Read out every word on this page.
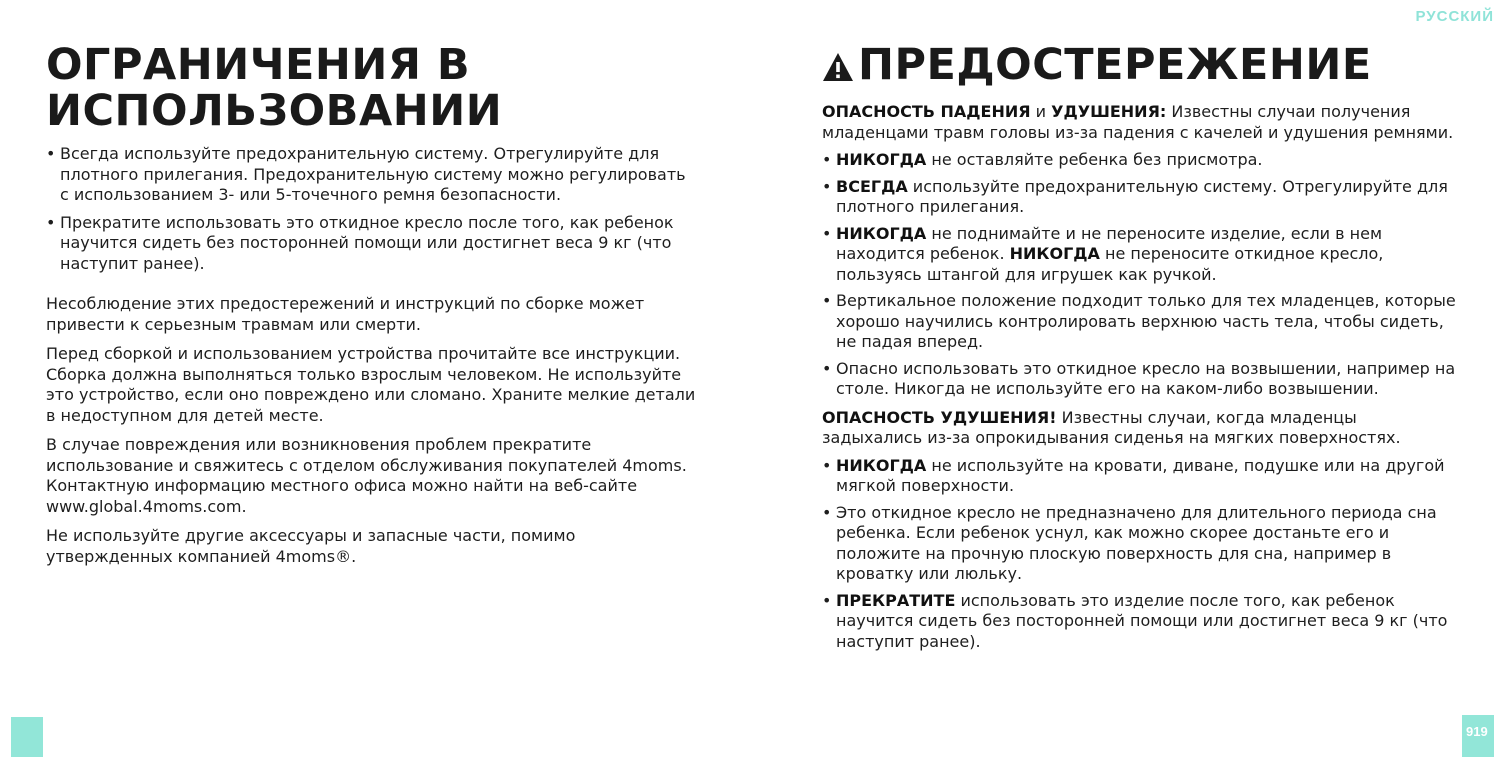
РУССКИЙ
ОГРАНИЧЕНИЯ В ИСПОЛЬЗОВАНИИ
• Всегда используйте предохранительную систему. Отрегулируйте для плотного прилегания. Предохранительную систему можно регулировать с использованием 3- или 5-точечного ремня безопасности.
• Прекратите использовать это откидное кресло после того, как ребенок научится сидеть без посторонней помощи или достигнет веса 9 кг (что наступит ранее).

Несоблюдение этих предостережений и инструкций по сборке может привести к серьезным травмам или смерти.

Перед сборкой и использованием устройства прочитайте все инструкции. Сборка должна выполняться только взрослым человеком. Не используйте это устройство, если оно повреждено или сломано. Храните мелкие детали в недоступном для детей месте.

В случае повреждения или возникновения проблем прекратите использование и свяжитесь с отделом обслуживания покупателей 4moms. Контактную информацию местного офиса можно найти на веб-сайте www.global.4moms.com.

Не используйте другие аксессуары и запасные части, помимо утвержденных компанией 4moms®.

ПРЕДОСТЕРЕЖЕНИЕ

ОПАСНОСТЬ ПАДЕНИЯ и УДУШЕНИЯ: Известны случаи получения младенцами травм головы из-за падения с качелей и удушения ремнями.

• НИКОГДА не оставляйте ребенка без присмотра.
• ВСЕГДА используйте предохранительную систему. Отрегулируйте для плотного прилегания.
• НИКОГДА не поднимайте и не переносите изделие, если в нем находится ребенок. НИКОГДА не переносите откидное кресло, пользуясь штангой для игрушек как ручкой.
• Вертикальное положение подходит только для тех младенцев, которые хорошо научились контролировать верхнюю часть тела, чтобы сидеть, не падая вперед.
• Опасно использовать это откидное кресло на возвышении, например на столе. Никогда не используйте его на каком-либо возвышении.

ОПАСНОСТЬ УДУШЕНИЯ! Известны случаи, когда младенцы задыхались из-за опрокидывания сиденья на мягких поверхностях.

• НИКОГДА не используйте на кровати, диване, подушке или на другой мягкой поверхности.
• Это откидное кресло не предназначено для длительного периода сна ребенка. Если ребенок уснул, как можно скорее достаньте его и положите на прочную плоскую поверхность для сна, например в кроватку или люльку.
• ПРЕКРАТИТЕ использовать это изделие после того, как ребенок научится сидеть без посторонней помощи или достигнет веса 9 кг (что наступит ранее).
919
